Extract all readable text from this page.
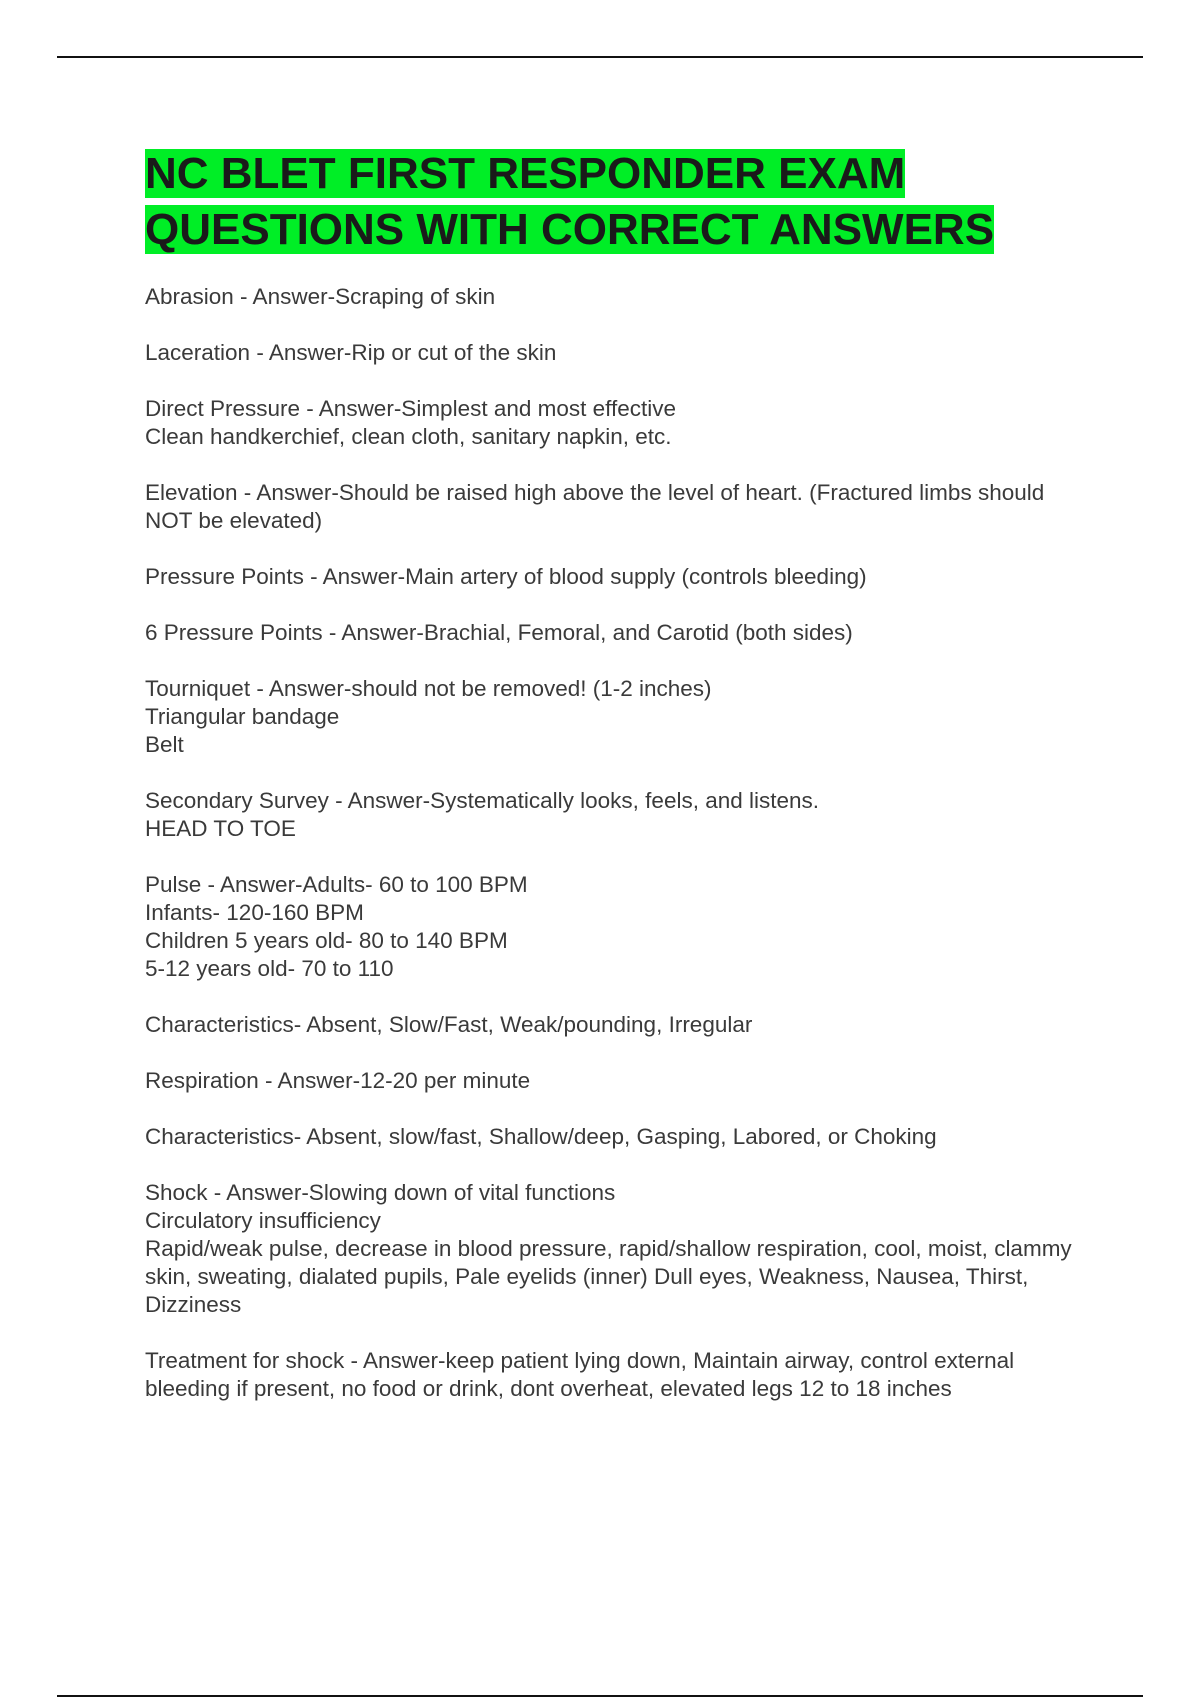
NC BLET FIRST RESPONDER EXAM QUESTIONS WITH CORRECT ANSWERS

Abrasion - Answer-Scraping of skin

Laceration - Answer-Rip or cut of the skin

Direct Pressure - Answer-Simplest and most effective
Clean handkerchief, clean cloth, sanitary napkin, etc.

Elevation - Answer-Should be raised high above the level of heart. (Fractured limbs should NOT be elevated)

Pressure Points - Answer-Main artery of blood supply (controls bleeding)

6 Pressure Points - Answer-Brachial, Femoral, and Carotid (both sides)

Tourniquet - Answer-should not be removed! (1-2 inches)
Triangular bandage
Belt

Secondary Survey - Answer-Systematically looks, feels, and listens.
HEAD TO TOE

Pulse - Answer-Adults- 60 to 100 BPM
Infants- 120-160 BPM
Children 5 years old- 80 to 140 BPM
5-12 years old- 70 to 110

Characteristics- Absent, Slow/Fast, Weak/pounding, Irregular

Respiration - Answer-12-20 per minute

Characteristics- Absent, slow/fast, Shallow/deep, Gasping, Labored, or Choking

Shock - Answer-Slowing down of vital functions
Circulatory insufficiency
Rapid/weak pulse, decrease in blood pressure, rapid/shallow respiration, cool, moist, clammy skin, sweating, dialated pupils, Pale eyelids (inner) Dull eyes, Weakness, Nausea, Thirst, Dizziness

Treatment for shock - Answer-keep patient lying down, Maintain airway, control external bleeding if present, no food or drink, dont overheat, elevated legs 12 to 18 inches
